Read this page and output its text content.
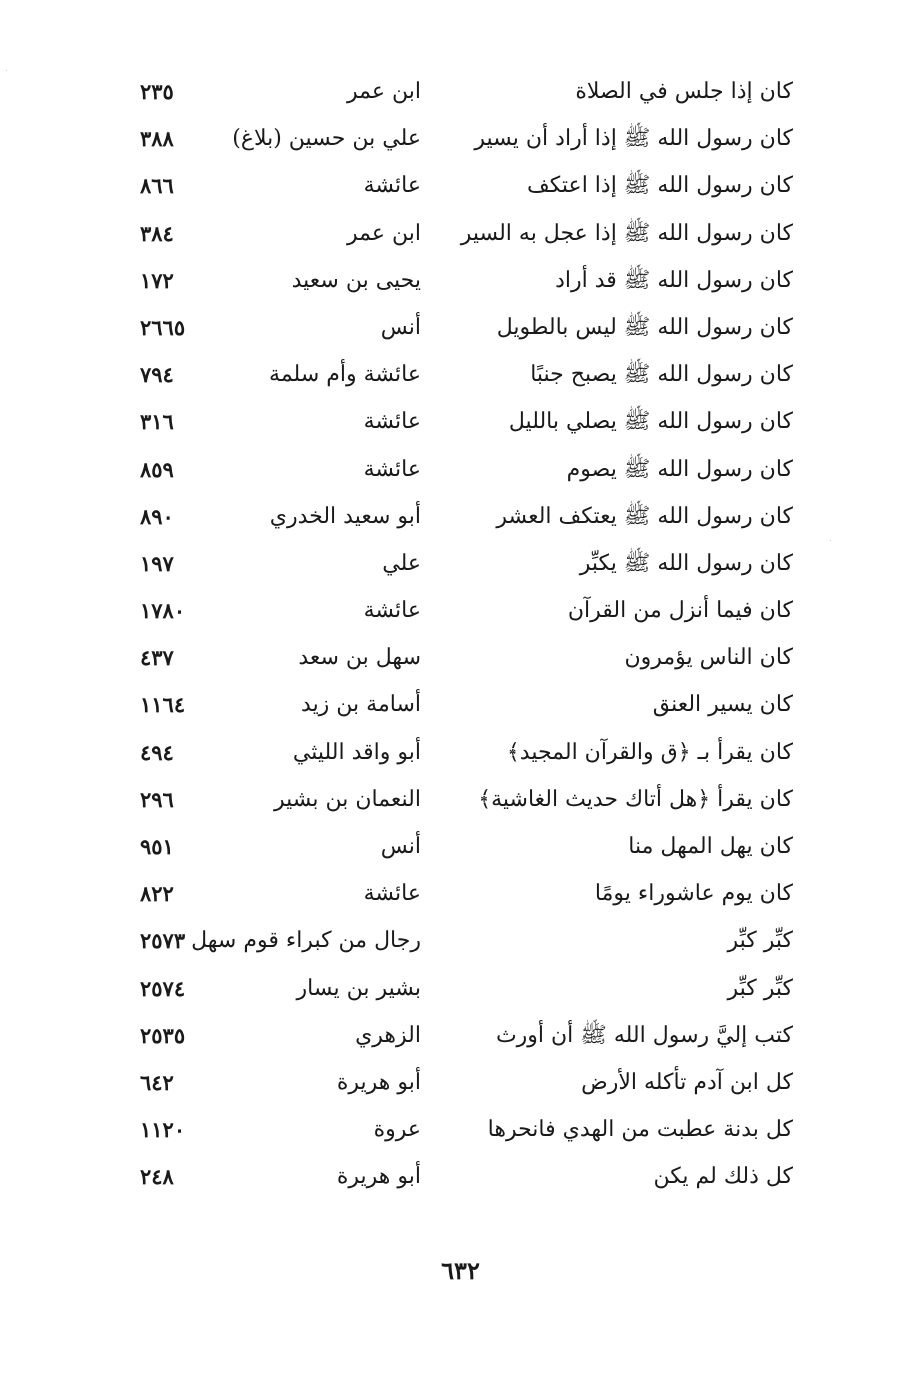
كان إذا جلس في الصلاة
ابن عمر
٢٣٥
كان رسول الله ﷺ إذا أراد أن يسير
علي بن حسين (بلاغ)
٣٨٨
كان رسول الله ﷺ إذا اعتكف
عائشة
٨٦٦
كان رسول الله ﷺ إذا عجل به السير
ابن عمر
٣٨٤
كان رسول الله ﷺ قد أراد
يحيى بن سعيد
١٧٢
كان رسول الله ﷺ ليس بالطويل
أنس
٢٦٦٥
كان رسول الله ﷺ يصبح جنبًا
عائشة وأم سلمة
٧٩٤
كان رسول الله ﷺ يصلي بالليل
عائشة
٣١٦
كان رسول الله ﷺ يصوم
عائشة
٨٥٩
كان رسول الله ﷺ يعتكف العشر
أبو سعيد الخدري
٨٩٠
كان رسول الله ﷺ يكبِّر
علي
١٩٧
كان فيما أنزل من القرآن
عائشة
١٧٨٠
كان الناس يؤمرون
سهل بن سعد
٤٣٧
كان يسير العنق
أسامة بن زيد
١١٦٤
كان يقرأ بـ ﴿ق والقرآن المجيد﴾
أبو واقد الليثي
٤٩٤
كان يقرأ ﴿هل أتاك حديث الغاشية﴾
النعمان بن بشير
٢٩٦
كان يهل المهل منا
أنس
٩٥١
كان يوم عاشوراء يومًا
عائشة
٨٢٢
كبِّر كبِّر
رجال من كبراء قوم سهل
٢٥٧٣
كبِّر كبِّر
بشير بن يسار
٢٥٧٤
كتب إليَّ رسول الله ﷺ أن أورث
الزهري
٢٥٣٥
كل ابن آدم تأكله الأرض
أبو هريرة
٦٤٢
كل بدنة عطبت من الهدي فانحرها
عروة
١١٢٠
كل ذلك لم يكن
أبو هريرة
٢٤٨
٦٣٢
